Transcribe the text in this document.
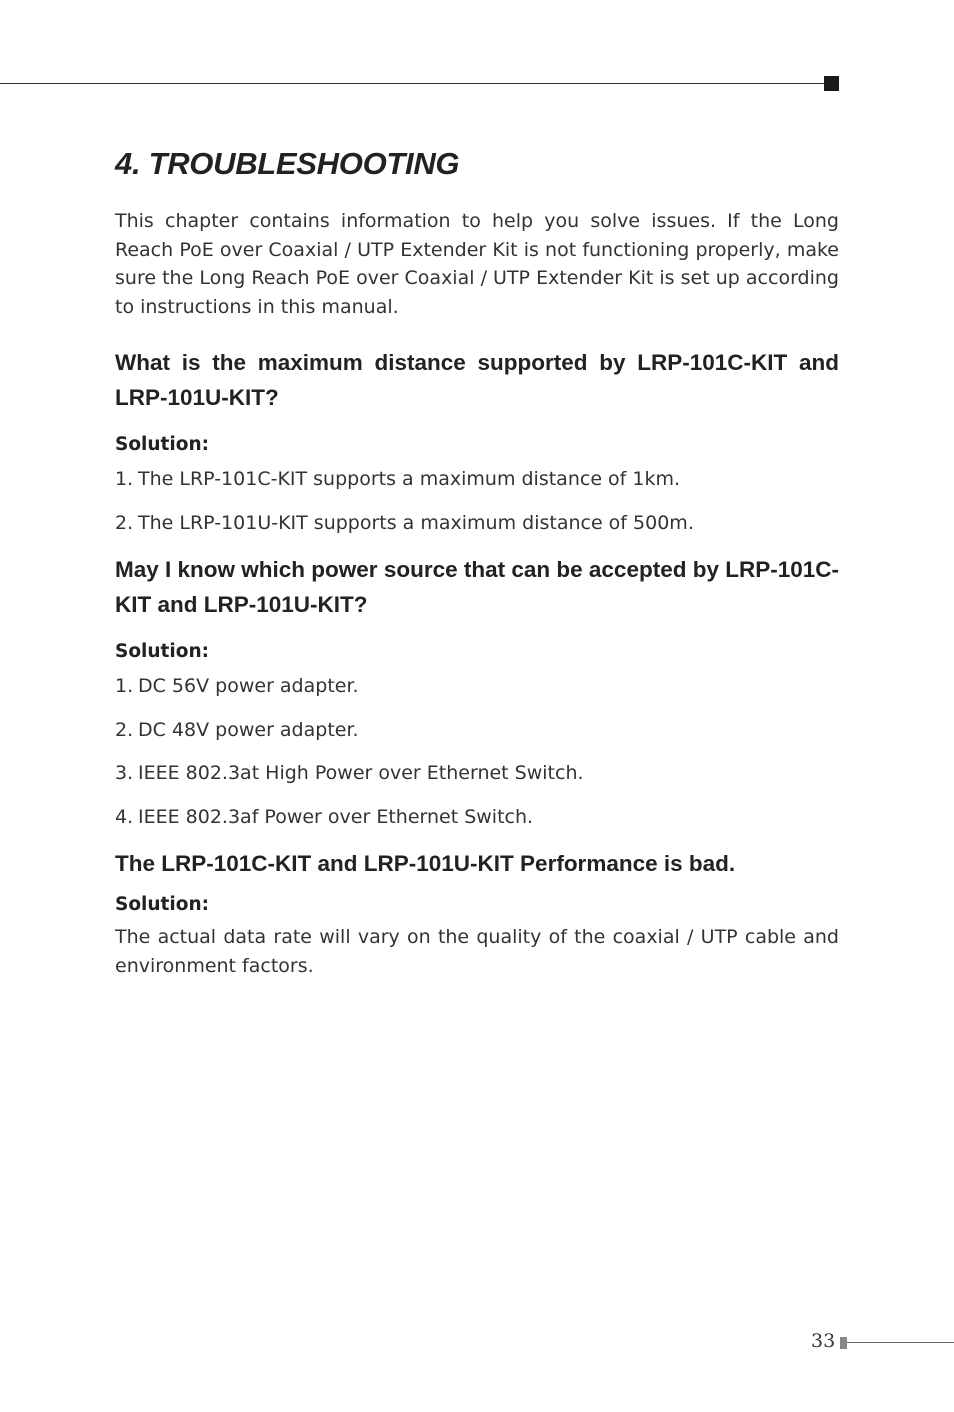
4. TROUBLESHOOTING

This chapter contains information to help you solve issues. If the Long Reach PoE over Coaxial / UTP Extender Kit is not functioning properly, make sure the Long Reach PoE over Coaxial / UTP Extender Kit is set up according to instructions in this manual.

What is the maximum distance supported by LRP-101C-KIT and LRP-101U-KIT?
Solution:
1. The LRP-101C-KIT supports a maximum distance of 1km.
2. The LRP-101U-KIT supports a maximum distance of 500m.
May I know which power source that can be accepted by LRP-101C-KIT and LRP-101U-KIT?
Solution:
1. DC 56V power adapter.
2. DC 48V power adapter.
3. IEEE 802.3at High Power over Ethernet Switch.
4. IEEE 802.3af Power over Ethernet Switch.
The LRP-101C-KIT and LRP-101U-KIT Performance is bad.
Solution:

The actual data rate will vary on the quality of the coaxial / UTP cable and environment factors.

33
